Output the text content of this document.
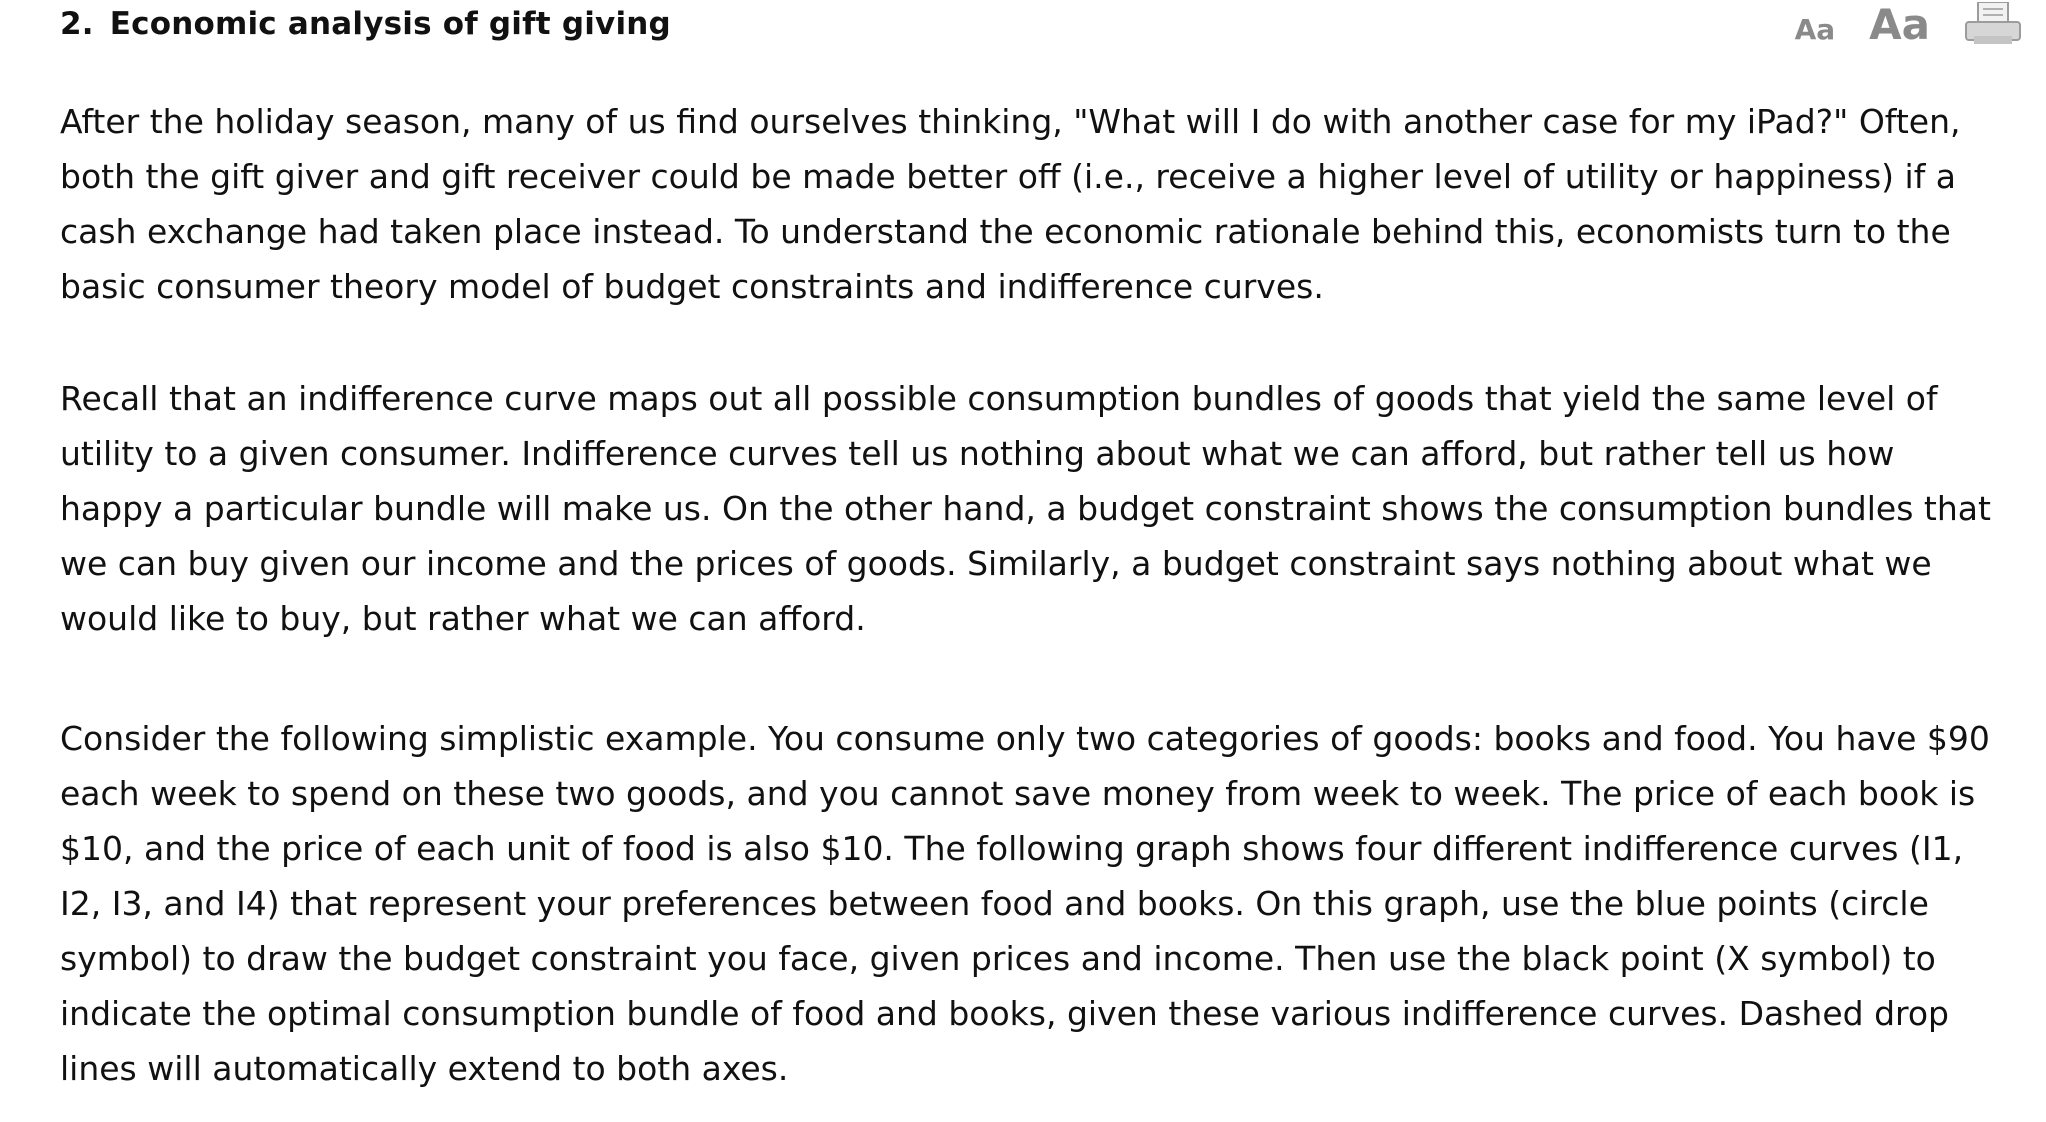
2. Economic analysis of gift giving	Aa Aa

After the holiday season, many of us find ourselves thinking, "What will I do with another case for my iPad?" Often,
both the gift giver and gift receiver could be made better off (i.e., receive a higher level of utility or happiness) if a
cash exchange had taken place instead. To understand the economic rationale behind this, economists turn to the
basic consumer theory model of budget constraints and indifference curves.

Recall that an indifference curve maps out all possible consumption bundles of goods that yield the same level of
utility to a given consumer. Indifference curves tell us nothing about what we can afford, but rather tell us how
happy a particular bundle will make us. On the other hand, a budget constraint shows the consumption bundles that
we can buy given our income and the prices of goods. Similarly, a budget constraint says nothing about what we
would like to buy, but rather what we can afford.

Consider the following simplistic example. You consume only two categories of goods: books and food. You have $90
each week to spend on these two goods, and you cannot save money from week to week. The price of each book is
$10, and the price of each unit of food is also $10. The following graph shows four different indifference curves (I1,
I2, I3, and I4) that represent your preferences between food and books. On this graph, use the blue points (circle
symbol) to draw the budget constraint you face, given prices and income. Then use the black point (X symbol) to
indicate the optimal consumption bundle of food and books, given these various indifference curves. Dashed drop
lines will automatically extend to both axes.
